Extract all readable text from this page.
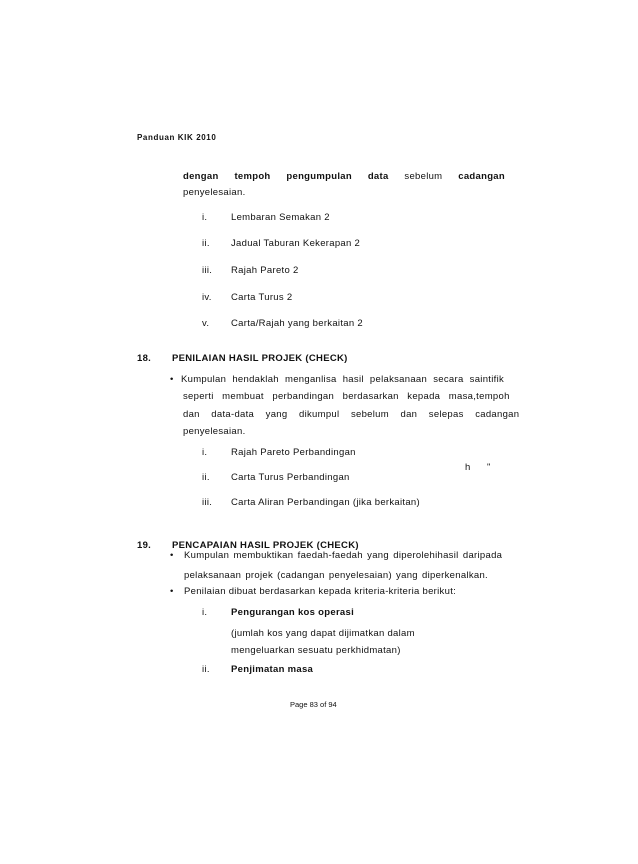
Panduan KIK 2010
dengan tempoh pengumpulan data sebelum cadangan
penyelesaian.
i. Lembaran Semakan 2
ii. Jadual Taburan Kekerapan 2
iii. Rajah Pareto 2
iv. Carta Turus 2
v. Carta/Rajah yang berkaitan 2
18. PENILAIAN HASIL PROJEK (CHECK)
• Kumpulan hendaklah menganlisa hasil pelaksanaan secara saintifik
seperti membuat perbandingan berdasarkan kepada masa,tempoh
dan data-data yang dikumpul sebelum dan selepas cadangan
penyelesaian.
i. Rajah Pareto Perbandingan
h "
ii. Carta Turus Perbandingan
iii. Carta Aliran Perbandingan (jika berkaitan)
19. PENCAPAIAN HASIL PROJEK (CHECK)
• Kumpulan membuktikan faedah-faedah yang diperolehihasil daripada
pelaksanaan projek (cadangan penyelesaian) yang diperkenalkan.
• Penilaian dibuat berdasarkan kepada kriteria-kriteria berikut:
i. Pengurangan kos operasi
(jumlah kos yang dapat dijimatkan dalam
mengeluarkan sesuatu perkhidmatan)
ii. Penjimatan masa
Page 83 of 94
